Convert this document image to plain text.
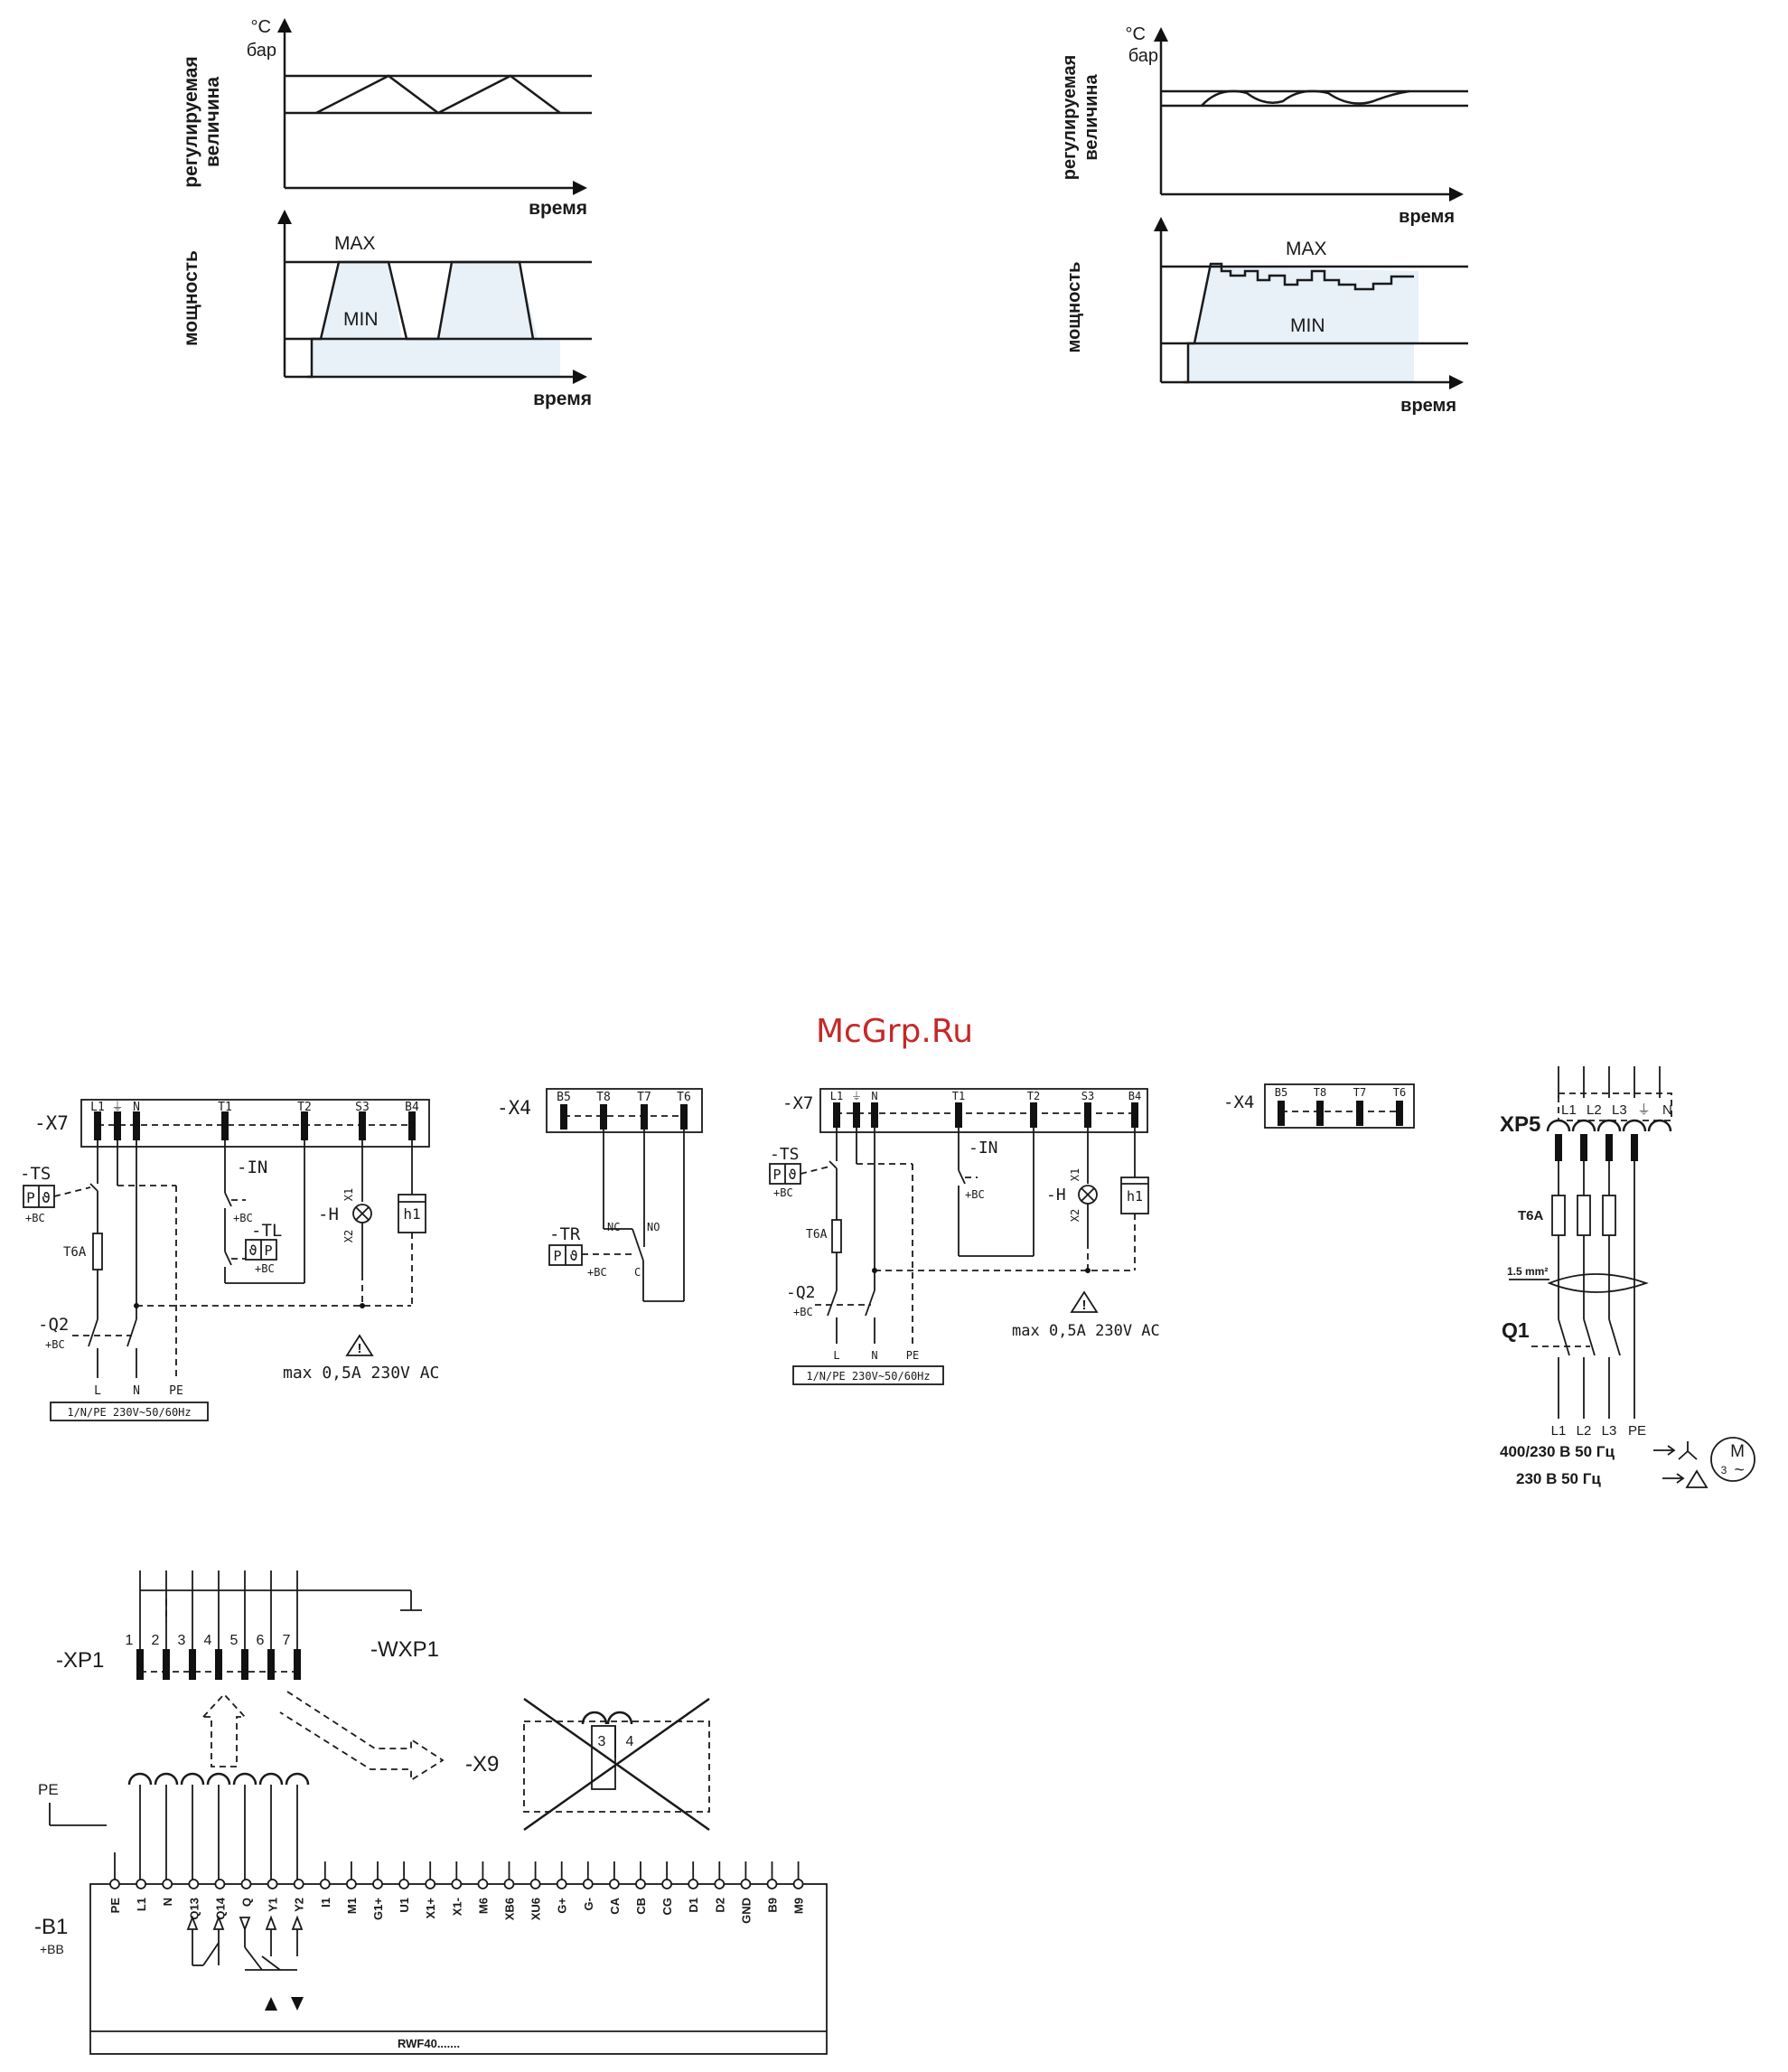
°C
бар
регулируемая величина
время
MAX
MIN
мощность
время
°C
бар
регулируемая величина
время
MAX
MIN
мощность
время
McGrp.Ru
-X7
L1 ⏚ N	T1	T2	S3	B4
-TS
P ϑ
+BC
T6A
-IN
+BC
-TL
ϑ P
+BC
-H
X1
X2
h1
-Q2
+BC
L	N PE
1/N/PE 230V~50/60Hz
!
max 0,5A 230V AC
-X4 B5 T8 T7 T6
NC NO
C
-TR
P ϑ
+BC
-X7 L1 ⏚ N	T1	T2	S3	B4
-TS
P ϑ
+BC
T6A
-IN
+BC	-H
X1
X2
h1
-Q2
+BC
L	N	PE
1/N/PE 230V~50/60Hz
!
max 0,5A 230V AC
-X4 B5 T8 T7 T6
L1 L2 L3 ⏚ N
XP5
T6A
1.5 mm²
Q1
L1 L2 L3 PE
400/230 В 50 Гц
230 В 50 Гц
M
3 ~
1 2 3 4 5 6 7
-XP1	-WXP1
-X9
3 4
PE
RWF40.......
-B1
+BB
PE L1 N Q13 Q14 Q Y1 Y2 I1 M1 G1+ U1 X1+ X1- M6 XB6 XU6 G+ G- CA CB CG D1 D2 GND B9 M9
